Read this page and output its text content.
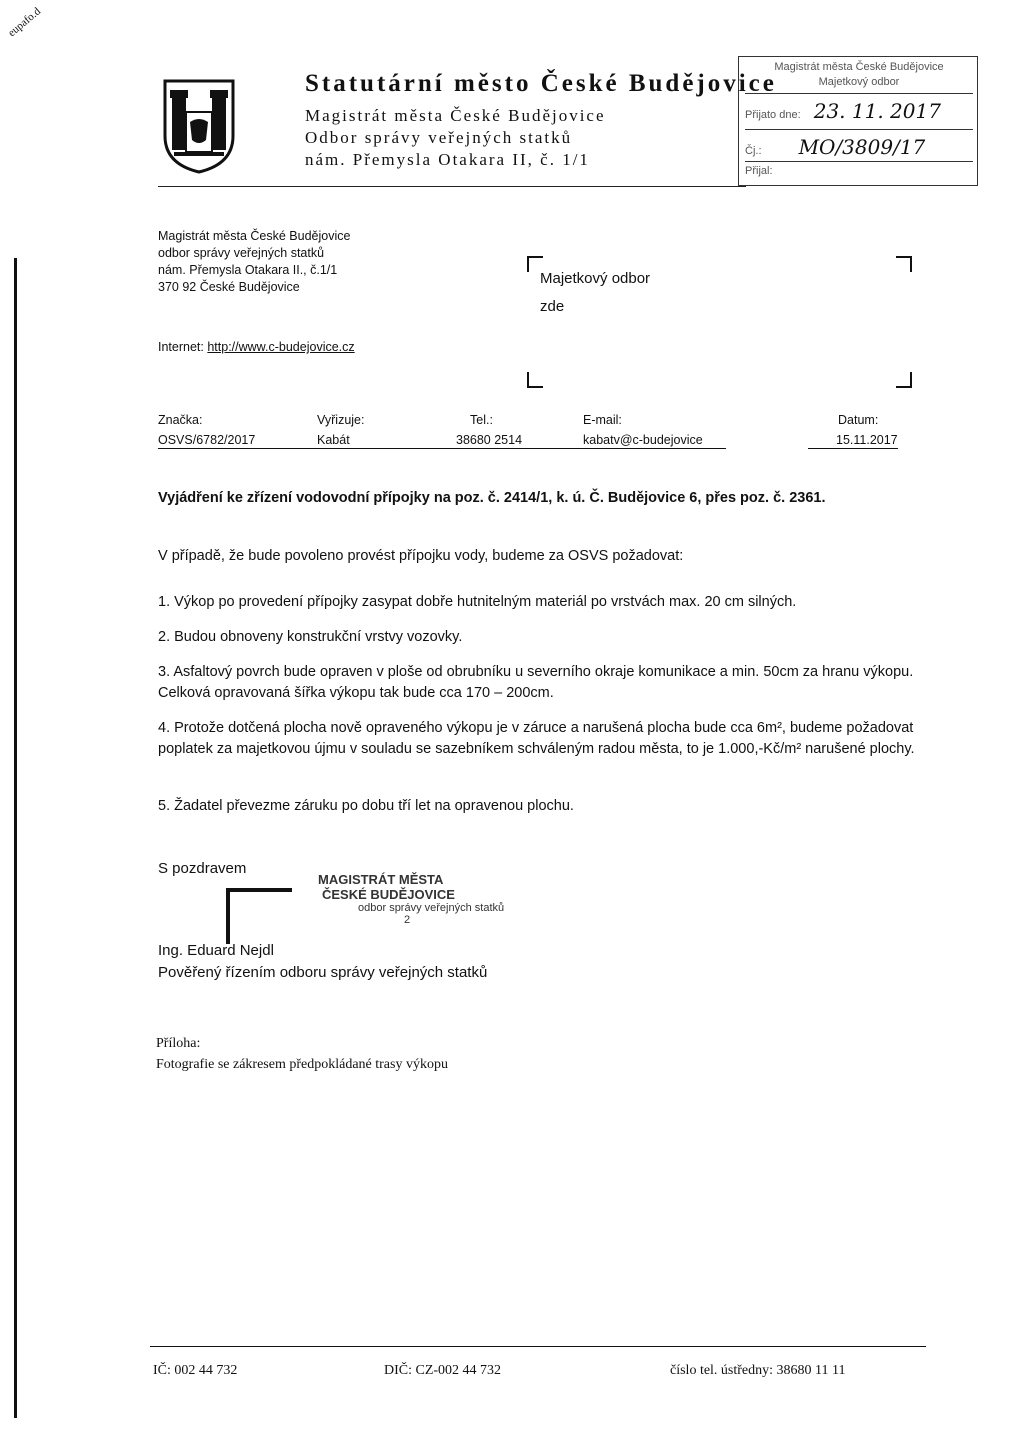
eupafo.d
Statutární město České Budějovice
Magistrát města České Budějovice
Odbor správy veřejných statků
nám. Přemysla Otakara II, č. 1/1
Magistrát města České Budějovice
Majetkový odbor
Přijato dne: 23. 11. 2017
Čj.: MO/3809/17
Přijal:
Magistrát města České Budějovice
odbor správy veřejných statků
nám. Přemysla Otakara II., č.1/1
370 92 České Budějovice	Majetkový odbor
zde
Internet: http://www.c-budejovice.cz
Značka:	Vyřizuje:	Tel.:	E-mail:	Datum:
OSVS/6782/2017	Kabát	38680 2514	kabatv@c-budejovice	15.11.2017
Vyjádření ke zřízení vodovodní přípojky na poz. č. 2414/1, k. ú. Č. Budějovice 6, přes poz. č. 2361.
V případě, že bude povoleno provést přípojku vody, budeme za OSVS požadovat:
1. Výkop po provedení přípojky zasypat dobře hutnitelným materiál po vrstvách max. 20 cm silných.
2. Budou obnoveny konstrukční vrstvy vozovky.
3. Asfaltový povrch bude opraven v ploše od obrubníku u severního okraje komunikace a min. 50cm za hranu výkopu. Celková opravovaná šířka výkopu tak bude cca 170 – 200cm.
4. Protože dotčená plocha nově opraveného výkopu je v záruce a narušená plocha bude cca 6m², budeme požadovat poplatek za majetkovou újmu v souladu se sazebníkem schváleným radou města, to je 1.000,-Kč/m² narušené plochy.
5. Žadatel převezme záruku po dobu tří let na opravenou plochu.
S pozdravem
MAGISTRÁT MĚSTA
ČESKÉ BUDĚJOVICE
odbor správy veřejných statků
2
Ing. Eduard Nejdl
Pověřený řízením odboru správy veřejných statků
Příloha:
Fotografie se zákresem předpokládané trasy výkopu
IČ: 002 44 732	DIČ: CZ-002 44 732	číslo tel. ústředny: 38680 11 11
